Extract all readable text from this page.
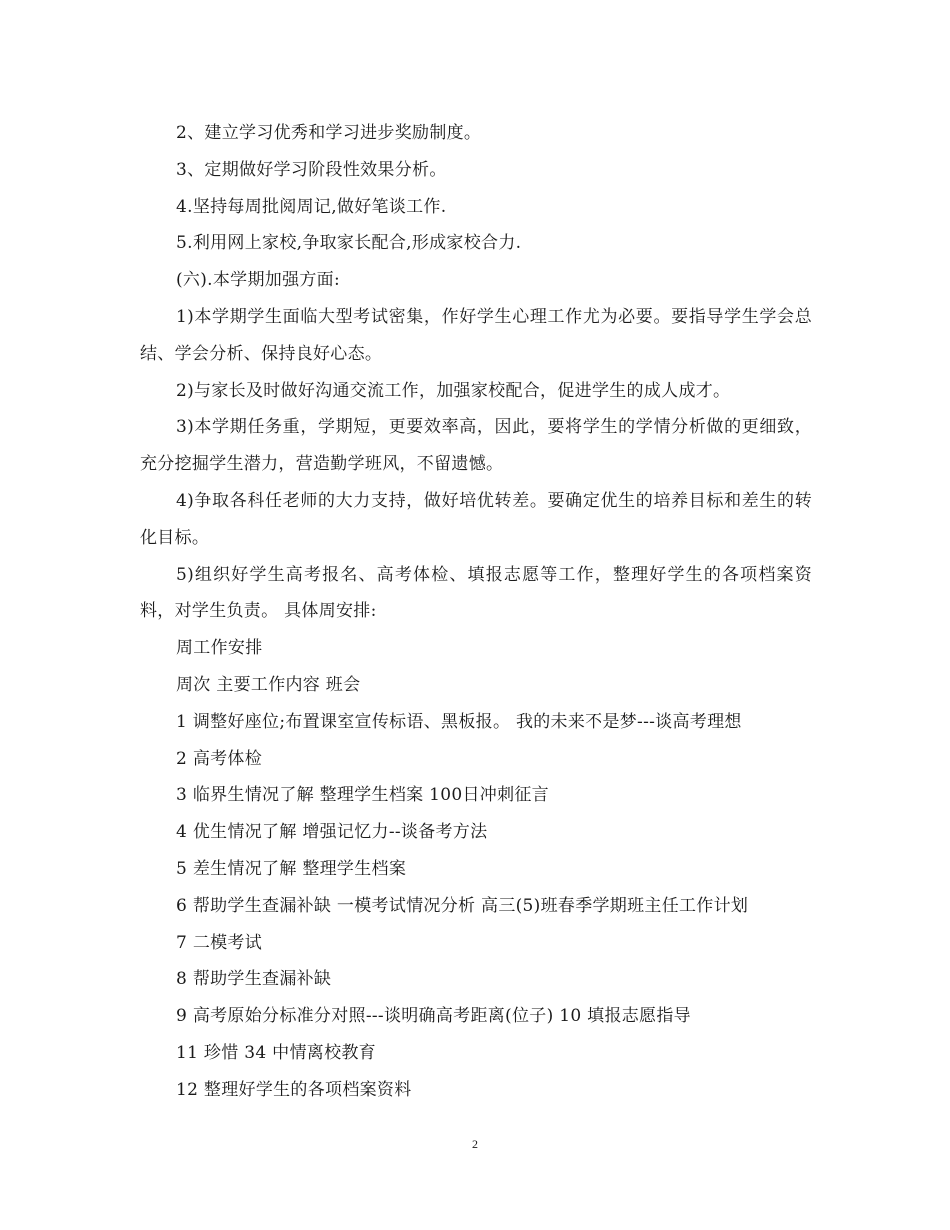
2、建立学习优秀和学习进步奖励制度。
3、定期做好学习阶段性效果分析。
4.坚持每周批阅周记,做好笔谈工作.
5.利用网上家校,争取家长配合,形成家校合力.
(六).本学期加强方面:
1)本学期学生面临大型考试密集，作好学生心理工作尤为必要。要指导学生学会总结、学会分析、保持良好心态。
2)与家长及时做好沟通交流工作，加强家校配合，促进学生的成人成才。
3)本学期任务重，学期短，更要效率高，因此，要将学生的学情分析做的更细致，充分挖掘学生潜力，营造勤学班风，不留遗憾。
4)争取各科任老师的大力支持，做好培优转差。要确定优生的培养目标和差生的转化目标。
5)组织好学生高考报名、高考体检、填报志愿等工作，整理好学生的各项档案资料，对学生负责。 具体周安排:
周工作安排
周次 主要工作内容 班会
1 调整好座位;布置课室宣传标语、黑板报。 我的未来不是梦---谈高考理想
2 高考体检
3 临界生情况了解 整理学生档案 100日冲刺征言
4 优生情况了解 增强记忆力--谈备考方法
5 差生情况了解 整理学生档案
6 帮助学生查漏补缺 一模考试情况分析 高三(5)班春季学期班主任工作计划
7 二模考试
8 帮助学生查漏补缺
9 高考原始分标准分对照---谈明确高考距离(位子) 10 填报志愿指导
11 珍惜 34 中情离校教育
12 整理好学生的各项档案资料
2
